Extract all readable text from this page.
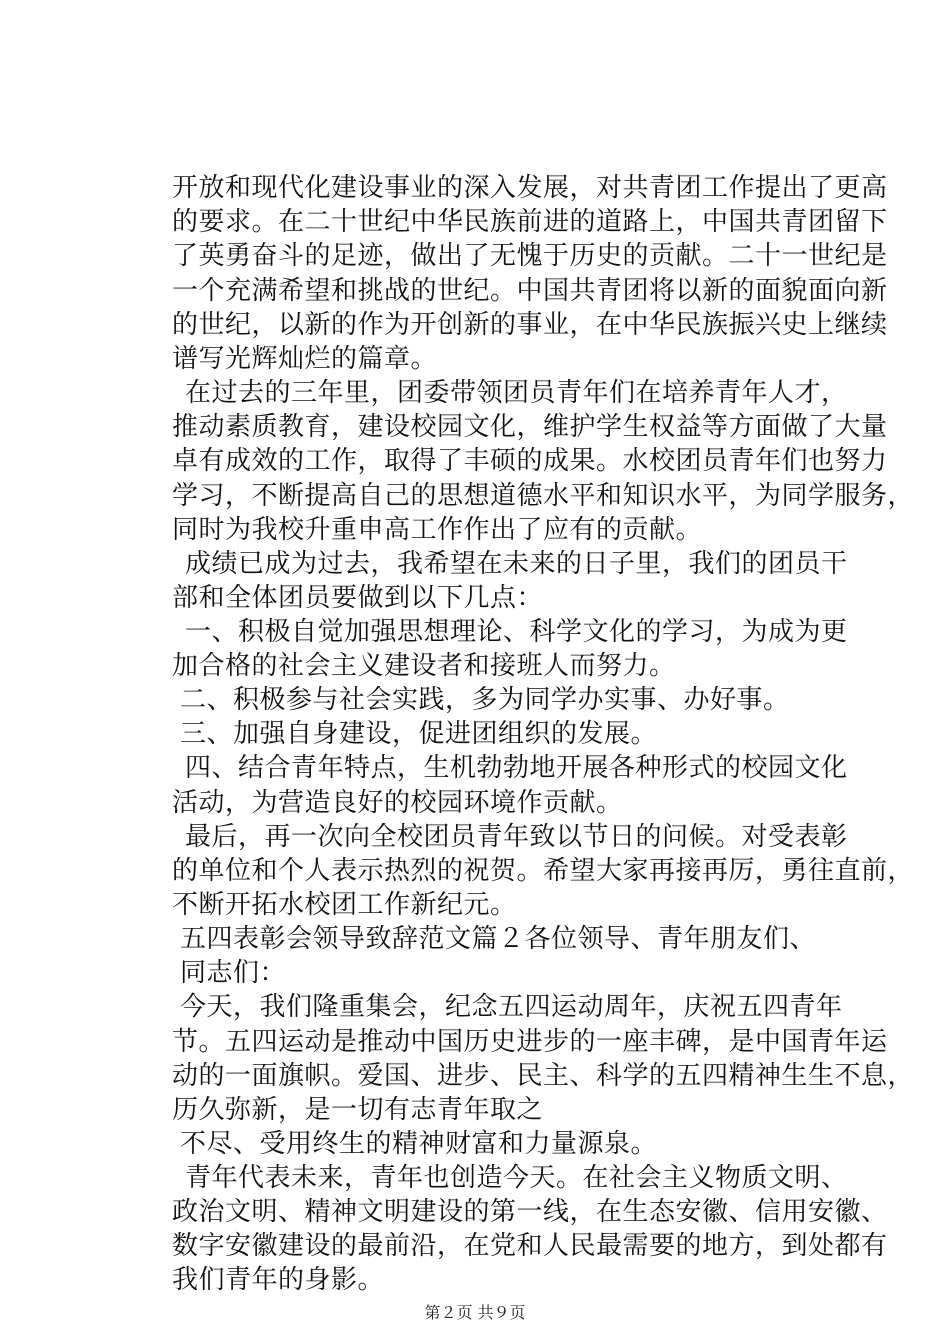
开放和现代化建设事业的深入发展，对共青团工作提出了更高
的要求。在二十世纪中华民族前进的道路上，中国共青团留下
了英勇奋斗的足迹，做出了无愧于历史的贡献。二十一世纪是
一个充满希望和挑战的世纪。中国共青团将以新的面貌面向新
的世纪，以新的作为开创新的事业，在中华民族振兴史上继续
谱写光辉灿烂的篇章。
在过去的三年里，团委带领团员青年们在培养青年人才，
推动素质教育，建设校园文化，维护学生权益等方面做了大量
卓有成效的工作，取得了丰硕的成果。水校团员青年们也努力
学习，不断提高自己的思想道德水平和知识水平，为同学服务，
同时为我校升重申高工作作出了应有的贡献。
成绩已成为过去，我希望在未来的日子里，我们的团员干
部和全体团员要做到以下几点：
一、积极自觉加强思想理论、科学文化的学习，为成为更
加合格的社会主义建设者和接班人而努力。
二、积极参与社会实践，多为同学办实事、办好事。
三、加强自身建设，促进团组织的发展。
四、结合青年特点，生机勃勃地开展各种形式的校园文化
活动，为营造良好的校园环境作贡献。
最后，再一次向全校团员青年致以节日的问候。对受表彰
的单位和个人表示热烈的祝贺。希望大家再接再厉，勇往直前，
不断开拓水校团工作新纪元。
五四表彰会领导致辞范文篇２各位领导、青年朋友们、
同志们：
今天，我们隆重集会，纪念五四运动周年，庆祝五四青年
节。五四运动是推动中国历史进步的一座丰碑，是中国青年运
动的一面旗帜。爱国、进步、民主、科学的五四精神生生不息，
历久弥新，是一切有志青年取之
不尽、受用终生的精神财富和力量源泉。
青年代表未来，青年也创造今天。在社会主义物质文明、
政治文明、精神文明建设的第一线，在生态安徽、信用安徽、
数字安徽建设的最前沿，在党和人民最需要的地方，到处都有
我们青年的身影。
第２页 共９页
